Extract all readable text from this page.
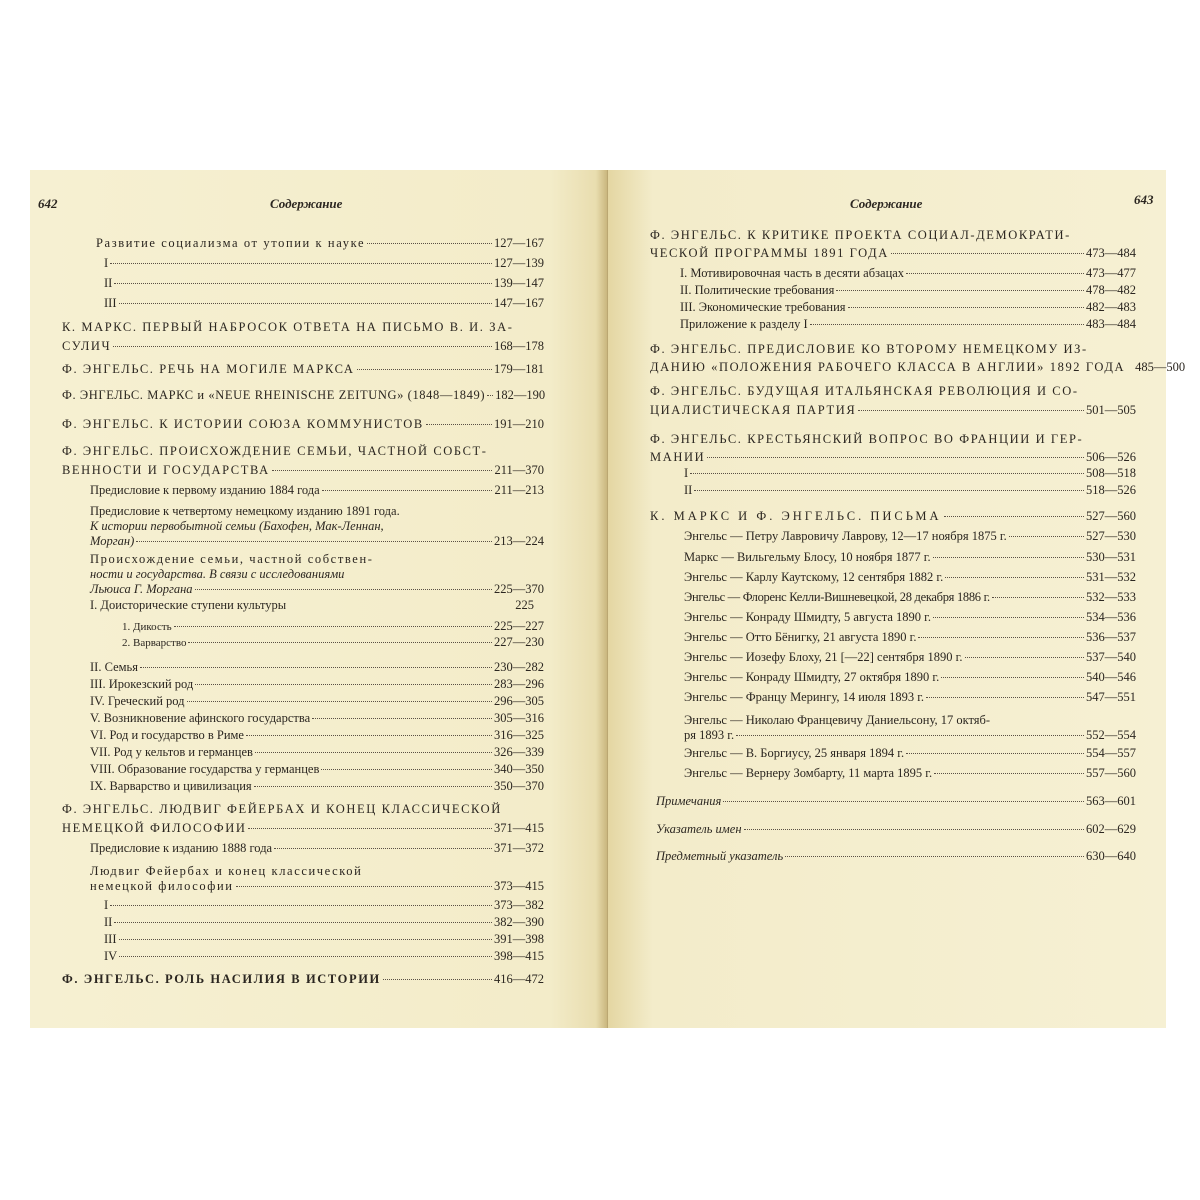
642	Содержание
Развитие социализма от утопии к науке	127—167
I	127—139
II	139—147
III	147—167
К. МАРКС. ПЕРВЫЙ НАБРОСОК ОТВЕТА НА ПИСЬМО В. И. ЗА-
СУЛИЧ	168—178
Ф. ЭНГЕЛЬС. РЕЧЬ НА МОГИЛЕ МАРКСА	179—181
Ф. ЭНГЕЛЬС. МАРКС и «NEUE RHEINISCHE ZEITUNG» (1848—1849) 182—190
Ф. ЭНГЕЛЬС. К ИСТОРИИ СОЮЗА КОММУНИСТОВ	191—210
Ф. ЭНГЕЛЬС. ПРОИСХОЖДЕНИЕ СЕМЬИ, ЧАСТНОЙ СОБСТ-
ВЕННОСТИ И ГОСУДАРСТВА	211—370
Предисловие к первому изданию 1884 года	211—213
Предисловие к четвертому немецкому изданию 1891 года.
К истории первобытной семьи (Бахофен, Мак-Леннан,
Морган)	213—224
Происхождение семьи, частной собствен-
ности и государства. В связи с исследованиями
Льюиса Г. Моргана	225—370
I. Доисторические ступени культуры	225
1. Дикость	225—227
2. Варварство	227—230
II. Семья	230—282
III. Ирокезский род	283—296
IV. Греческий род	296—305
V. Возникновение афинского государства	305—316
VI. Род и государство в Риме	316—325
VII. Род у кельтов и германцев	326—339
VIII. Образование государства у германцев	340—350
IX. Варварство и цивилизация	350—370
Ф. ЭНГЕЛЬС. ЛЮДВИГ ФЕЙЕРБАХ И КОНЕЦ КЛАССИЧЕСКОЙ
НЕМЕЦКОЙ ФИЛОСОФИИ	371—415
Предисловие к изданию 1888 года	371—372
Людвиг Фейербах и конец классической
немецкой философии	373—415
I	373—382
II	382—390
III	391—398
IV	398—415
Ф. ЭНГЕЛЬС. РОЛЬ НАСИЛИЯ В ИСТОРИИ	416—472
Содержание	643
Ф. ЭНГЕЛЬС. К КРИТИКЕ ПРОЕКТА СОЦИАЛ-ДЕМОКРАТИ-
ЧЕСКОЙ ПРОГРАММЫ 1891 ГОДА	473—484
I. Мотивировочная часть в десяти абзацах	473—477
II. Политические требования	478—482
III. Экономические требования	482—483
Приложение к разделу I	483—484
Ф. ЭНГЕЛЬС. ПРЕДИСЛОВИЕ КО ВТОРОМУ НЕМЕЦКОМУ ИЗ-
ДАНИЮ «ПОЛОЖЕНИЯ РАБОЧЕГО КЛАССА В АНГЛИИ» 1892 ГОДА 485—500
Ф. ЭНГЕЛЬС. БУДУЩАЯ ИТАЛЬЯНСКАЯ РЕВОЛЮЦИЯ И СО-
ЦИАЛИСТИЧЕСКАЯ ПАРТИЯ	501—505
Ф. ЭНГЕЛЬС. КРЕСТЬЯНСКИЙ ВОПРОС ВО ФРАНЦИИ И ГЕР-
МАНИИ	506—526
I	508—518
II	518—526
К. МАРКС И Ф. ЭНГЕЛЬС. ПИСЬМА	527—560
Энгельс — Петру Лавровичу Лаврову, 12—17 ноября 1875 г.	527—530
Маркс — Вильгельму Блосу, 10 ноября 1877 г.	530—531
Энгельс — Карлу Каутскому, 12 сентября 1882 г.	531—532
Энгельс — Флоренс Келли-Вишневецкой, 28 декабря 1886 г.	532—533
Энгельс — Конраду Шмидту, 5 августа 1890 г.	534—536
Энгельс — Отто Бёнигку, 21 августа 1890 г.	536—537
Энгельс — Иозефу Блоху, 21 [—22] сентября 1890 г.	537—540
Энгельс — Конраду Шмидту, 27 октября 1890 г.	540—546
Энгельс — Францу Мерингу, 14 июля 1893 г.	547—551
Энгельс — Николаю Францевичу Даниельсону, 17 октяб-
ря 1893 г.	552—554
Энгельс — В. Боргиусу, 25 января 1894 г.	554—557
Энгельс — Вернеру Зомбарту, 11 марта 1895 г.	557—560
Примечания	563—601
Указатель имен	602—629
Предметный указатель	630—640
